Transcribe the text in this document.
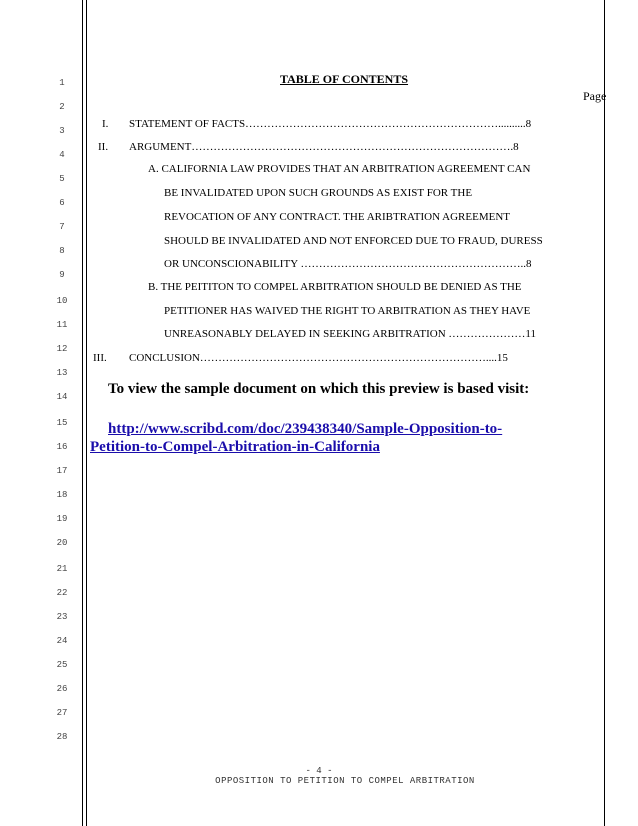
1
2
3
4
5
6
7
8
9
10
11
12
13
14
15
16
17
18
19
20
21
22
23
24
25
26
27
28
TABLE OF CONTENTS
Page
I. STATEMENT OF FACTS……………………………………………………………..........8
II. ARGUMENT…………………………………………………………………………….8
A. CALIFORNIA LAW PROVIDES THAT AN ARBITRATION AGREEMENT CAN
BE INVALIDATED UPON SUCH GROUNDS AS EXIST FOR THE
REVOCATION OF ANY CONTRACT. THE ARIBTRATION AGREEMENT
SHOULD BE INVALIDATED AND NOT ENFORCED DUE TO FRAUD, DURESS
OR UNCONSCIONABILITY ……………………………………………………..8
B. THE PEITITON TO COMPEL ARBITRATION SHOULD BE DENIED AS THE
PETITIONER HAS WAIVED THE RIGHT TO ARBITRATION AS THEY HAVE
UNREASONABLY DELAYED IN SEEKING ARBITRATION …………………11
III. CONCLUSION……………………………………………………………………....15
To view the sample document on which this preview is based visit:
http://www.scribd.com/doc/239438340/Sample-Opposition-to-
Petition-to-Compel-Arbitration-in-California
- 4 -
OPPOSITION TO PETITION TO COMPEL ARBITRATION
